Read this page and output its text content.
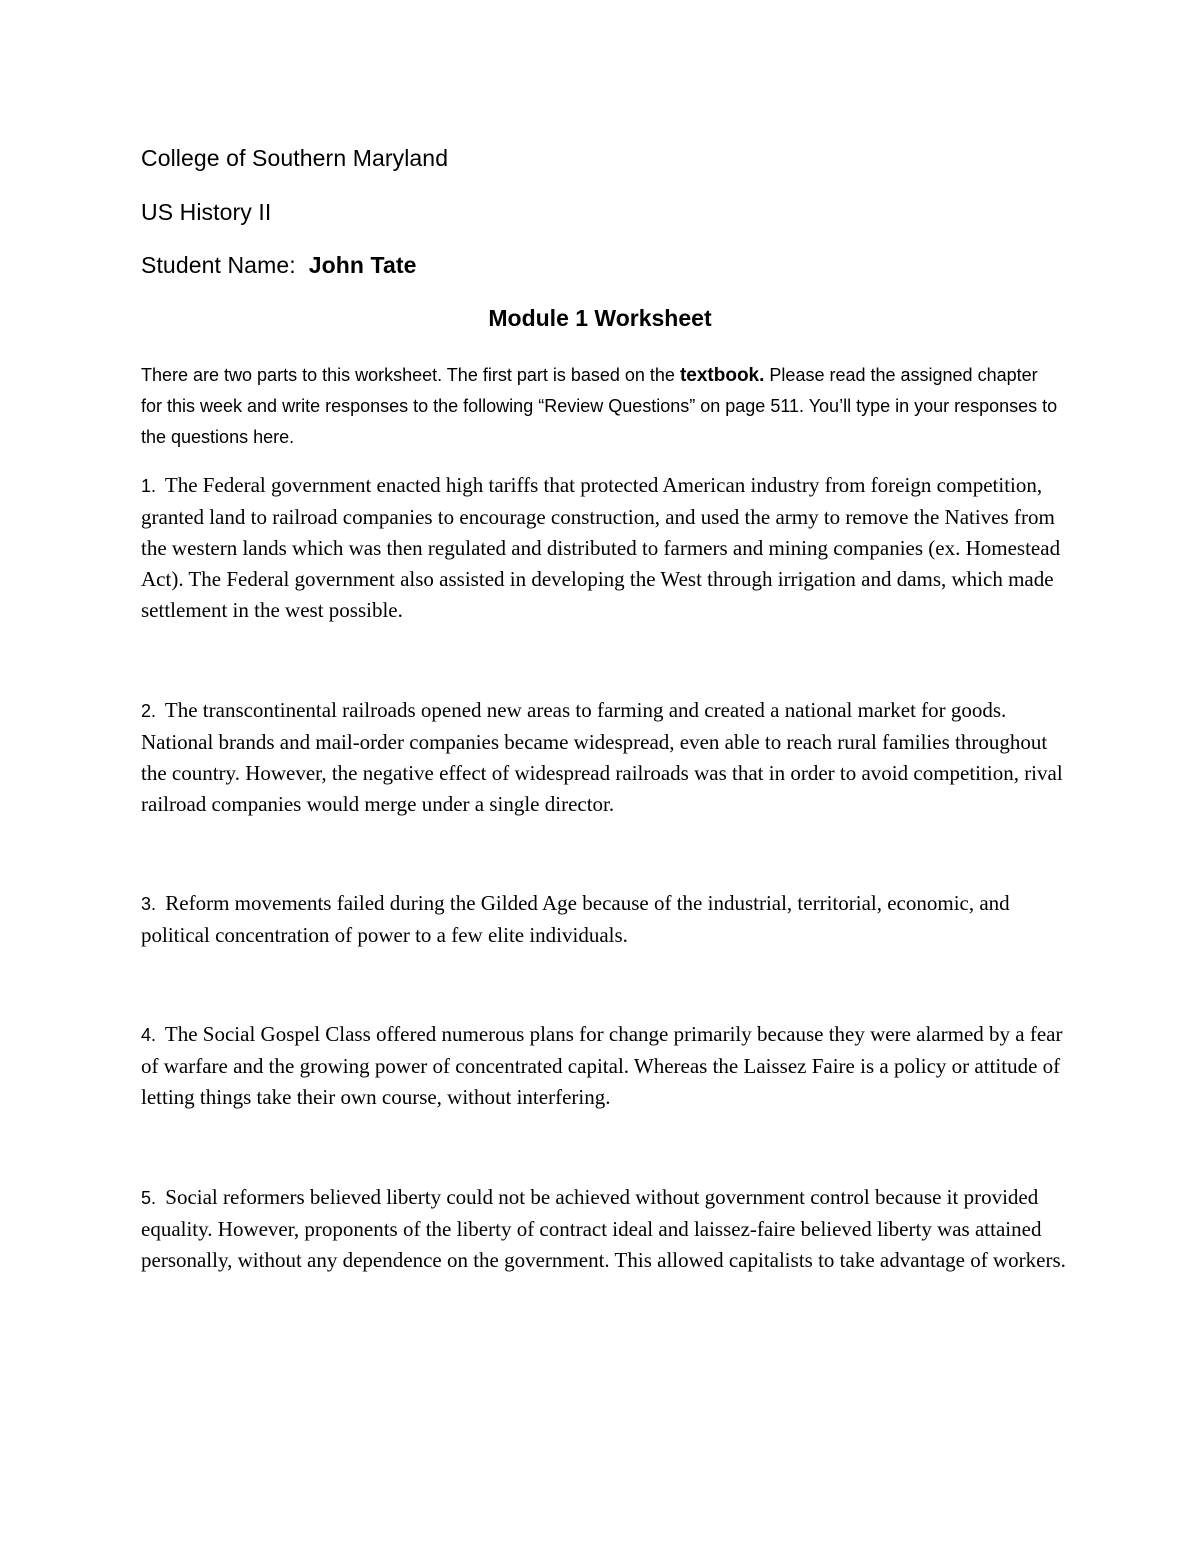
College of Southern Maryland
US History II
Student Name: John Tate
Module 1 Worksheet
There are two parts to this worksheet. The first part is based on the textbook. Please read the assigned chapter for this week and write responses to the following “Review Questions” on page 511. You’ll type in your responses to the questions here.
1. The Federal government enacted high tariffs that protected American industry from foreign competition, granted land to railroad companies to encourage construction, and used the army to remove the Natives from the western lands which was then regulated and distributed to farmers and mining companies (ex. Homestead Act). The Federal government also assisted in developing the West through irrigation and dams, which made settlement in the west possible.
2. The transcontinental railroads opened new areas to farming and created a national market for goods. National brands and mail-order companies became widespread, even able to reach rural families throughout the country. However, the negative effect of widespread railroads was that in order to avoid competition, rival railroad companies would merge under a single director.
3. Reform movements failed during the Gilded Age because of the industrial, territorial, economic, and political concentration of power to a few elite individuals.
4. The Social Gospel Class offered numerous plans for change primarily because they were alarmed by a fear of warfare and the growing power of concentrated capital. Whereas the Laissez Faire is a policy or attitude of letting things take their own course, without interfering.
5. Social reformers believed liberty could not be achieved without government control because it provided equality. However, proponents of the liberty of contract ideal and laissez-faire believed liberty was attained personally, without any dependence on the government. This allowed capitalists to take advantage of workers.
